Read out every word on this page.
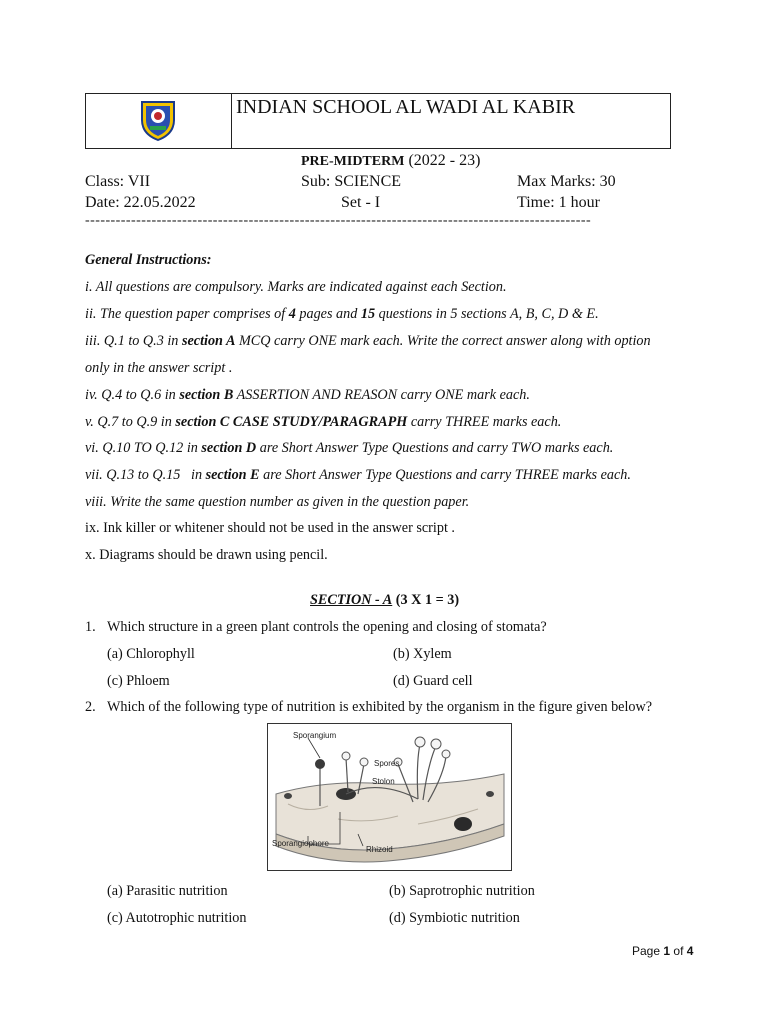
INDIAN SCHOOL AL WADI AL KABIR
PRE-MIDTERM (2022 - 23)
Class: VII	Sub: SCIENCE	Max Marks: 30
Date: 22.05.2022	Set - I	Time: 1 hour
---------------------------------------------------------------------------------------------------
General Instructions:
i. All questions are compulsory. Marks are indicated against each Section.
ii. The question paper comprises of 4 pages and 15 questions in 5 sections A, B, C, D & E.
iii. Q.1 to Q.3 in section A MCQ carry ONE mark each. Write the correct answer along with option
only in the answer script .
iv. Q.4 to Q.6 in section B ASSERTION AND REASON carry ONE mark each.
v. Q.7 to Q.9 in section C CASE STUDY/PARAGRAPH carry THREE marks each.
vi. Q.10 TO Q.12 in section D are Short Answer Type Questions and carry TWO marks each.
vii. Q.13 to Q.15   in section E are Short Answer Type Questions and carry THREE marks each.
viii. Write the same question number as given in the question paper.
ix. Ink killer or whitener should not be used in the answer script .
x. Diagrams should be drawn using pencil.
SECTION - A (3 X 1 = 3)
1. Which structure in a green plant controls the opening and closing of stomata?
(a) Chlorophyll	(b) Xylem
(c) Phloem	(d) Guard cell
2. Which of the following type of nutrition is exhibited by the organism in the figure given below?
Sporangium
Spores
Stolon
Sporangiophore
Rhizoid
(a) Parasitic nutrition	(b) Saprotrophic nutrition
(c) Autotrophic nutrition	(d) Symbiotic nutrition
Page 1 of 4
